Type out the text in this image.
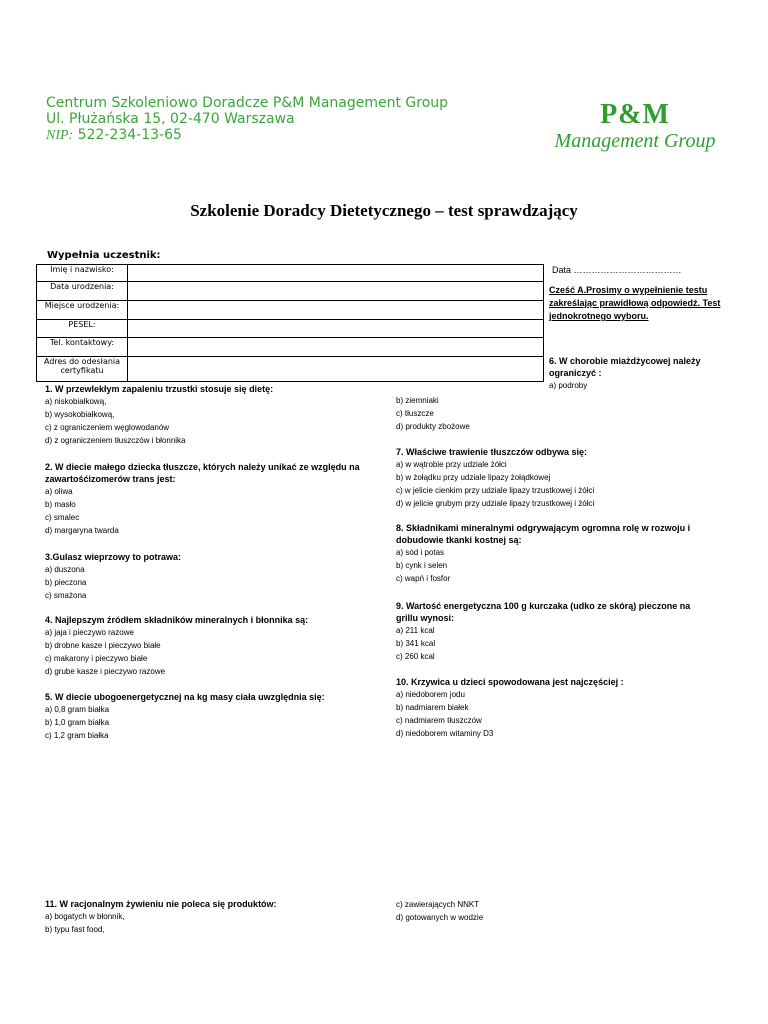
Centrum Szkoleniowo Doradcze P&M Management Group
Ul. Płużańska 15, 02-470 Warszawa
NIP: 522-234-13-65
P&M
Management Group
Szkolenie Doradcy Dietetycznego – test sprawdzający
Wypełnia uczestnik:
Imię i nazwisko:	
Data urodzenia:	
Miejsce urodzenia:	
PESEL:	
Tel. kontaktowy:	
Adres do odesłania certyfikatu	
Data ………………………………
Cześć A.Prosimy o wypełnienie testu zakreślając prawidłową odpowiedź. Test jednokrotnego wyboru.
6. W chorobie miażdżycowej należy ograniczyć :
a) podroby
1. W przewlekłym zapaleniu trzustki stosuje się dietę:
a) niskobiałkową,
b) wysokobiałkową,
c) z ograniczeniem węglowodanów
d) z ograniczeniem tłuszczów i błonnika
2. W diecie małego dziecka tłuszcze, których należy unikać ze względu na zawartośćizomerów trans jest:
a) oliwa
b) masło
c) smalec
d) margaryna twarda
3.Gulasz wieprzowy to potrawa:
a) duszona
b) pieczona
c) smażona
4. Najlepszym źródłem składników mineralnych i błonnika są:
a) jaja i pieczywo razowe
b) drobne kasze i pieczywo białe
c) makarony i pieczywo białe
d) grube kasze i pieczywo razowe
5. W diecie ubogoenergetycznej na kg masy ciała uwzględnia się:
a) 0,8 gram białka
b) 1,0 gram białka
c) 1,2 gram białka
b) ziemniaki
c) tłuszcze
d) produkty zbożowe
7. Właściwe trawienie tłuszczów odbywa się:
a) w wątrobie przy udziale żółci
b) w żołądku przy udziale lipazy żołądkowej
c) w jelicie cienkim przy udziale lipazy trzustkowej i żółci
d) w jelicie grubym przy udziale lipazy trzustkowej i żółci
8. Składnikami mineralnymi odgrywającym ogromna rolę w rozwoju i dobudowie tkanki kostnej są:
a) sód i potas
b) cynk i selen
c) wapń i fosfor
9. Wartość energetyczna 100 g kurczaka (udko ze skórą) pieczone na grillu wynosi:
a) 211 kcal
b) 341 kcal
c) 260 kcal
10. Krzywica u dzieci spowodowana jest najczęściej :
a) niedoborem jodu
b) nadmiarem białek
c) nadmiarem tłuszczów
d) niedoborem witaminy D3
11. W racjonalnym żywieniu nie poleca się produktów:
a) bogatych w błonnik,
b) typu fast food,
c) zawierających NNKT
d) gotowanych w wodzie
